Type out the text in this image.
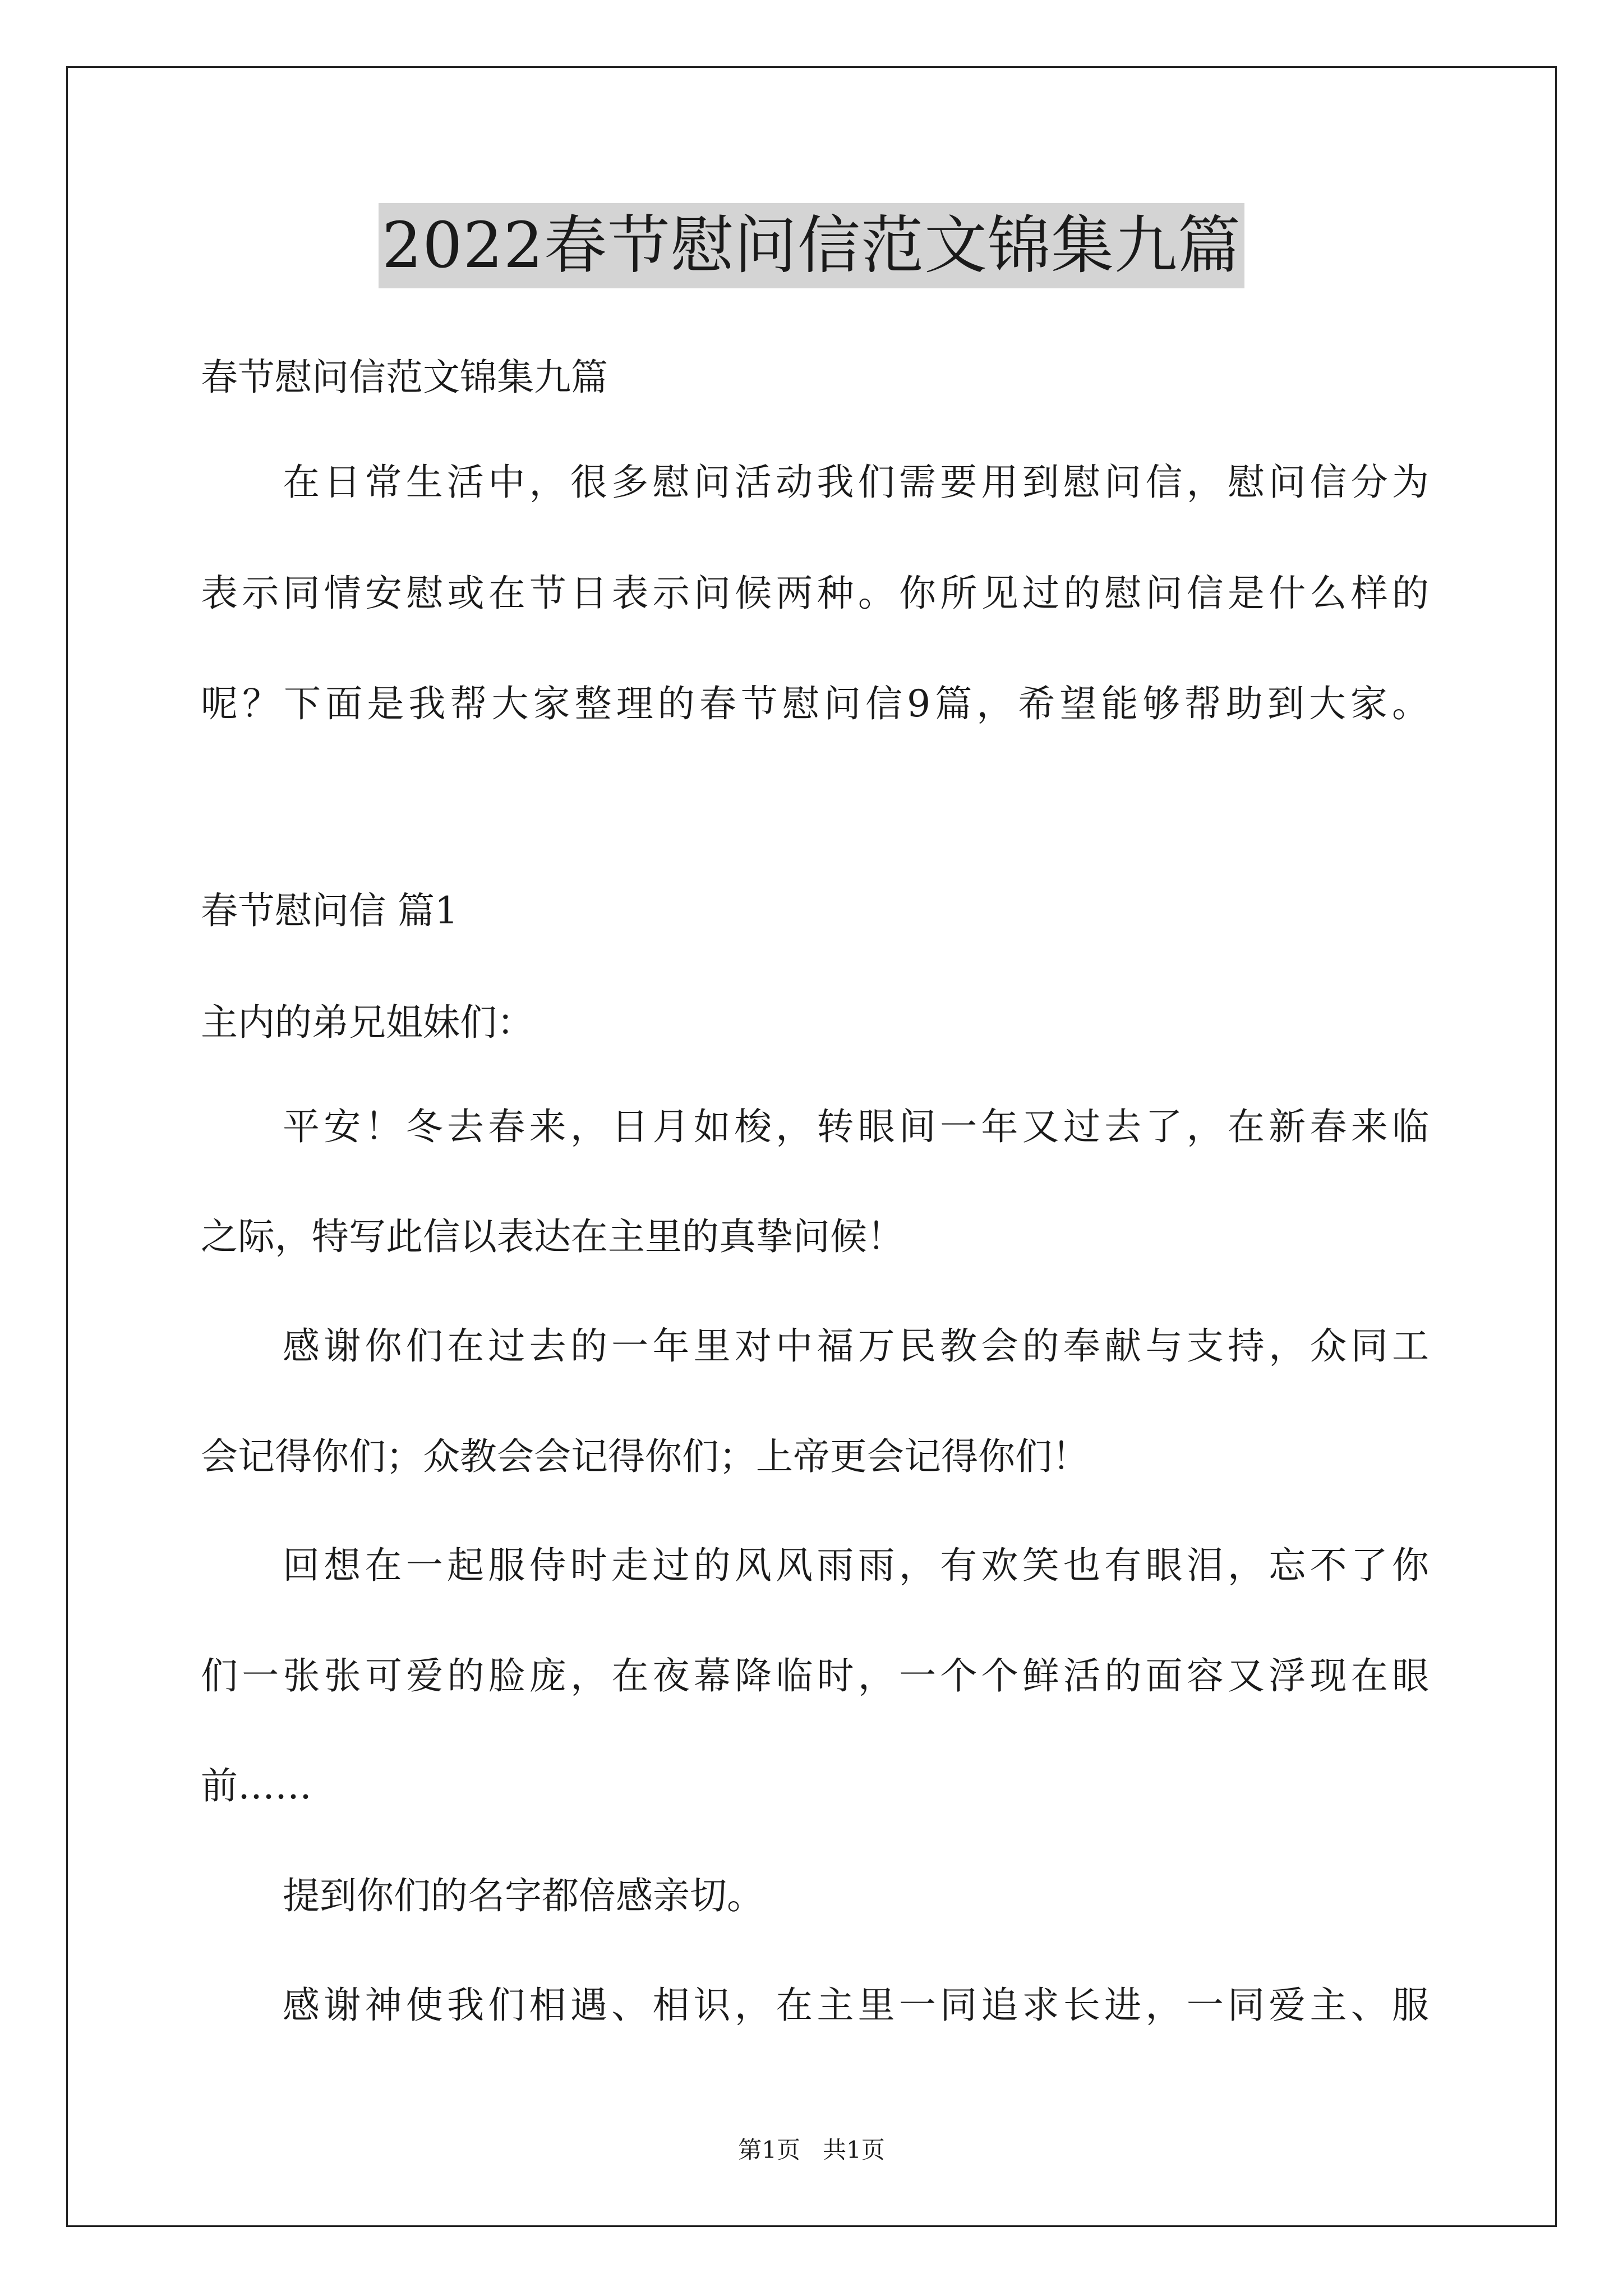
2022春节慰问信范文锦集九篇
春节慰问信范文锦集九篇
在日常生活中，很多慰问活动我们需要用到慰问信，慰问信分为
表示同情安慰或在节日表示问候两种。你所见过的慰问信是什么样的
呢？下面是我帮大家整理的春节慰问信9篇，希望能够帮助到大家。
春节慰问信 篇1
主内的弟兄姐妹们：
平安！冬去春来，日月如梭，转眼间一年又过去了，在新春来临
之际，特写此信以表达在主里的真挚问候！
感谢你们在过去的一年里对中福万民教会的奉献与支持，众同工
会记得你们；众教会会记得你们；上帝更会记得你们！
回想在一起服侍时走过的风风雨雨，有欢笑也有眼泪，忘不了你
们一张张可爱的脸庞，在夜幕降临时，一个个鲜活的面容又浮现在眼
前……
提到你们的名字都倍感亲切。
感谢神使我们相遇、相识，在主里一同追求长进，一同爱主、服
第1页   共1页
